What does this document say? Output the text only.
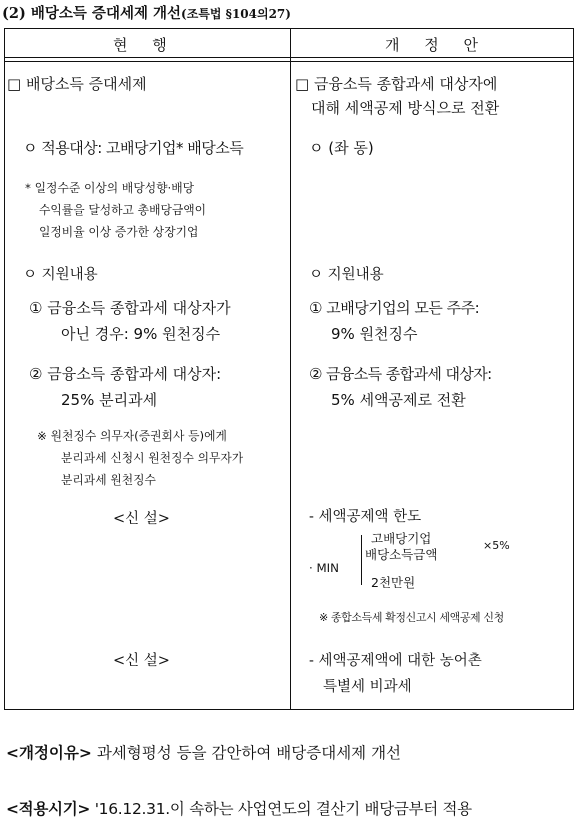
(2) 배당소득 증대세제 개선(조특법 §104의27)
현 행	개 정 안
□ 배당소득 증대세제
ㅇ 적용대상: 고배당기업* 배당소득
* 일정수준 이상의 배당성향·배당
수익률을 달성하고 총배당금액이
일정비율 이상 증가한 상장기업
ㅇ 지원내용
① 금융소득 종합과세 대상자가
아닌 경우: 9% 원천징수
② 금융소득 종합과세 대상자:
25% 분리과세
※ 원천징수 의무자(증권회사 등)에게
분리과세 신청시 원천징수 의무자가
분리과세 원천징수
<신 설>
<신 설>
□ 금융소득 종합과세 대상자에
대해 세액공제 방식으로 전환
ㅇ (좌 동)
ㅇ 지원내용
① 고배당기업의 모든 주주:
9% 원천징수
② 금융소득 종합과세 대상자:
5% 세액공제로 전환
- 세액공제액 한도
· MIN
고배당기업
배당소득금액
×5%
2천만원
※ 종합소득세 확정신고시 세액공제 신청
- 세액공제액에 대한 농어촌
특별세 비과세
<개정이유> 과세형평성 등을 감안하여 배당증대세제 개선
<적용시기> '16.12.31.이 속하는 사업연도의 결산기 배당금부터 적용
